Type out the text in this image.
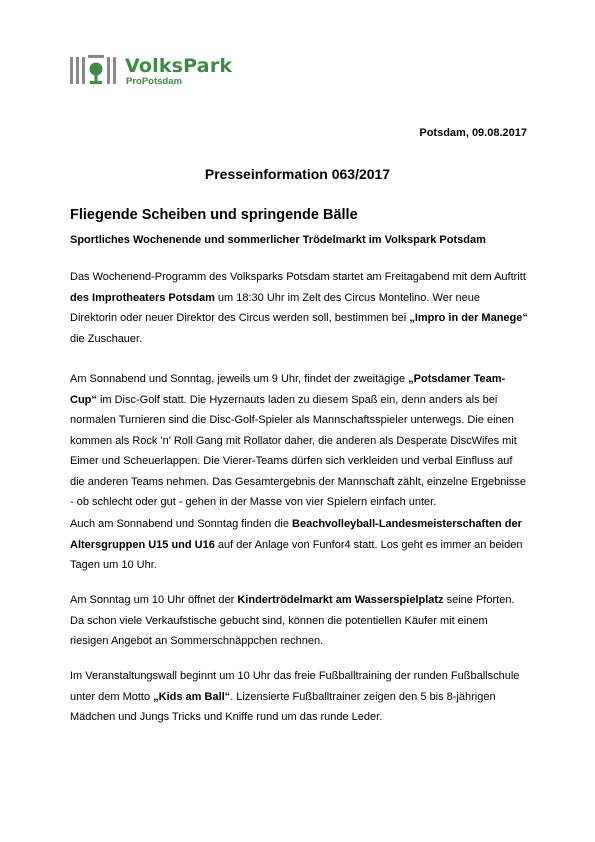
VolksPark
ProPotsdam
Potsdam, 09.08.2017
Presseinformation 063/2017
Fliegende Scheiben und springende Bälle
Sportliches Wochenende und sommerlicher Trödelmarkt im Volkspark Potsdam

Das Wochenend-Programm des Volksparks Potsdam startet am Freitagabend mit dem Auftritt des Improtheaters Potsdam um 18:30 Uhr im Zelt des Circus Montelino. Wer neue Direktorin oder neuer Direktor des Circus werden soll, bestimmen bei „Impro in der Manege“ die Zuschauer.

Am Sonnabend und Sonntag, jeweils um 9 Uhr, findet der zweitägige „Potsdamer Team-Cup“ im Disc-Golf statt. Die Hyzernauts laden zu diesem Spaß ein, denn anders als bei normalen Turnieren sind die Disc-Golf-Spieler als Mannschaftsspieler unterwegs. Die einen kommen als Rock 'n' Roll Gang mit Rollator daher, die anderen als Desperate DiscWifes mit Eimer und Scheuerlappen. Die Vierer-Teams dürfen sich verkleiden und verbal Einfluss auf die anderen Teams nehmen. Das Gesamtergebnis der Mannschaft zählt, einzelne Ergebnisse - ob schlecht oder gut - gehen in der Masse von vier Spielern einfach unter.

Auch am Sonnabend und Sonntag finden die Beachvolleyball-Landesmeisterschaften der Altersgruppen U15 und U16 auf der Anlage von Funfor4 statt. Los geht es immer an beiden Tagen um 10 Uhr.

Am Sonntag um 10 Uhr öffnet der Kindertrödelmarkt am Wasserspielplatz seine Pforten. Da schon viele Verkaufstische gebucht sind, können die potentiellen Käufer mit einem riesigen Angebot an Sommerschnäppchen rechnen.

Im Veranstaltungswall beginnt um 10 Uhr das freie Fußballtraining der runden Fußballschule unter dem Motto „Kids am Ball“. Lizensierte Fußballtrainer zeigen den 5 bis 8-jährigen Mädchen und Jungs Tricks und Kniffe rund um das runde Leder.
